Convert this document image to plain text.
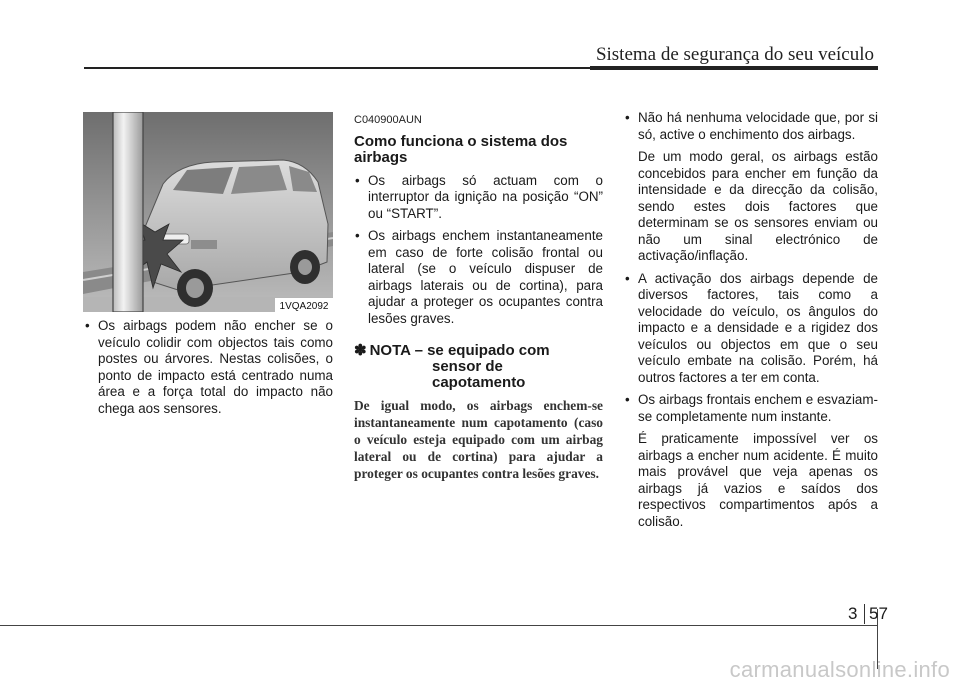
Sistema de segurança do seu veículo
1VQA2092
• Os airbags podem não encher se o veículo colidir com objectos tais como postes ou árvores. Nestas colisões, o ponto de impacto está centrado numa área e a força total do impacto não chega aos sensores.
C040900AUN
Como funciona o sistema dos airbags
• Os airbags só actuam com o interruptor da ignição na posição “ON” ou “START”.
• Os airbags enchem instantaneamente em caso de forte colisão frontal ou lateral (se o veículo dispuser de airbags laterais ou de cortina), para ajudar a proteger os ocupantes contra lesões graves.
✽ NOTA – se equipado com
sensor de
capotamento
De igual modo, os airbags enchem-se instantaneamente num capotamento (caso o veículo esteja equipado com um airbag lateral ou de cortina) para ajudar a proteger os ocupantes contra lesões graves.
• Não há nenhuma velocidade que, por si só, active o enchimento dos airbags.
De um modo geral, os airbags estão concebidos para encher em função da intensidade e da direcção da colisão, sendo estes dois factores que determinam se os sensores enviam ou não um sinal electrónico de activação/inflação.
• A activação dos airbags depende de diversos factores, tais como a velocidade do veículo, os ângulos do impacto e a densidade e a rigidez dos veículos ou objectos em que o seu veículo embate na colisão. Porém, há outros factores a ter em conta.
• Os airbags frontais enchem e esvaziam-se completamente num instante.
É praticamente impossível ver os airbags a encher num acidente. É muito mais provável que veja apenas os airbags já vazios e saídos dos respectivos compartimentos após a colisão.
3 57
carmanualsonline.info
